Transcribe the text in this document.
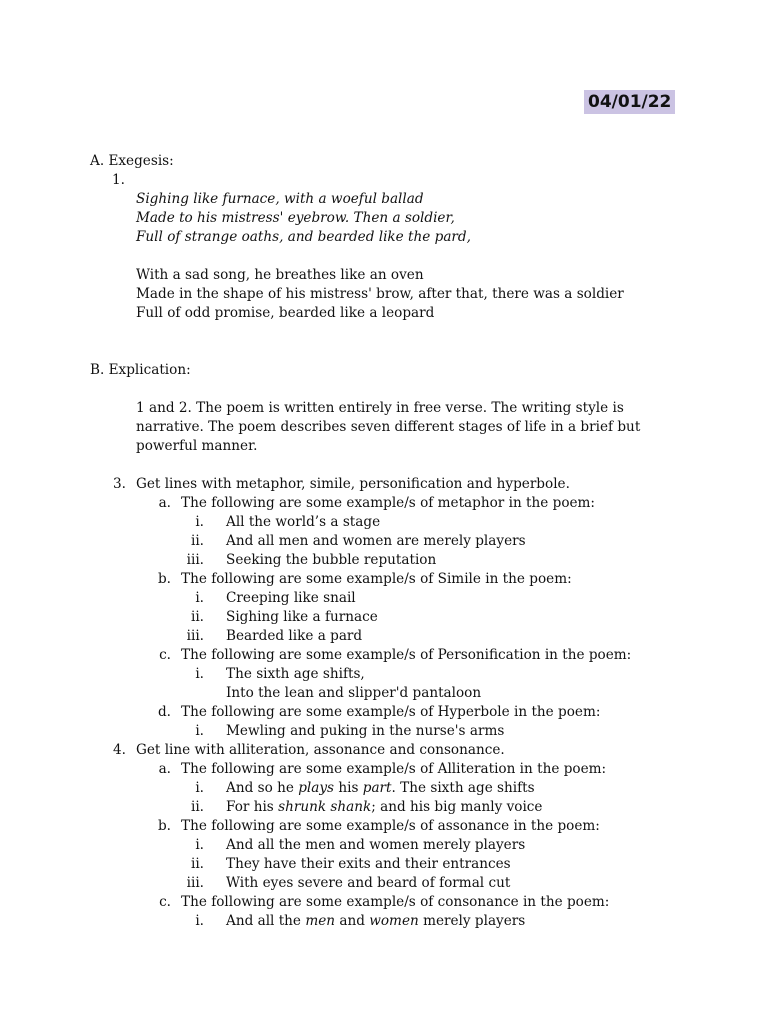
04/01/22
A. Exegesis:
1.
Sighing like furnace, with a woeful ballad
Made to his mistress' eyebrow. Then a soldier,
Full of strange oaths, and bearded like the pard,
With a sad song, he breathes like an oven
Made in the shape of his mistress' brow, after that, there was a soldier
Full of odd promise, bearded like a leopard
B. Explication:
1 and 2. The poem is written entirely in free verse. The writing style is
narrative. The poem describes seven different stages of life in a brief but
powerful manner.
3. Get lines with metaphor, simile, personification and hyperbole.
a. The following are some example/s of metaphor in the poem:
i. All the world’s a stage
ii. And all men and women are merely players
iii. Seeking the bubble reputation
b. The following are some example/s of Simile in the poem:
i. Creeping like snail
ii. Sighing like a furnace
iii. Bearded like a pard
c. The following are some example/s of Personification in the poem:
i. The sixth age shifts,
Into the lean and slipper'd pantaloon
d. The following are some example/s of Hyperbole in the poem:
i. Mewling and puking in the nurse's arms
4. Get line with alliteration, assonance and consonance.
a. The following are some example/s of Alliteration in the poem:
i. And so he plays his part. The sixth age shifts
ii. For his shrunk shank; and his big manly voice
b. The following are some example/s of assonance in the poem:
i. And all the men and women merely players
ii. They have their exits and their entrances
iii. With eyes severe and beard of formal cut
c. The following are some example/s of consonance in the poem:
i. And all the men and women merely players
